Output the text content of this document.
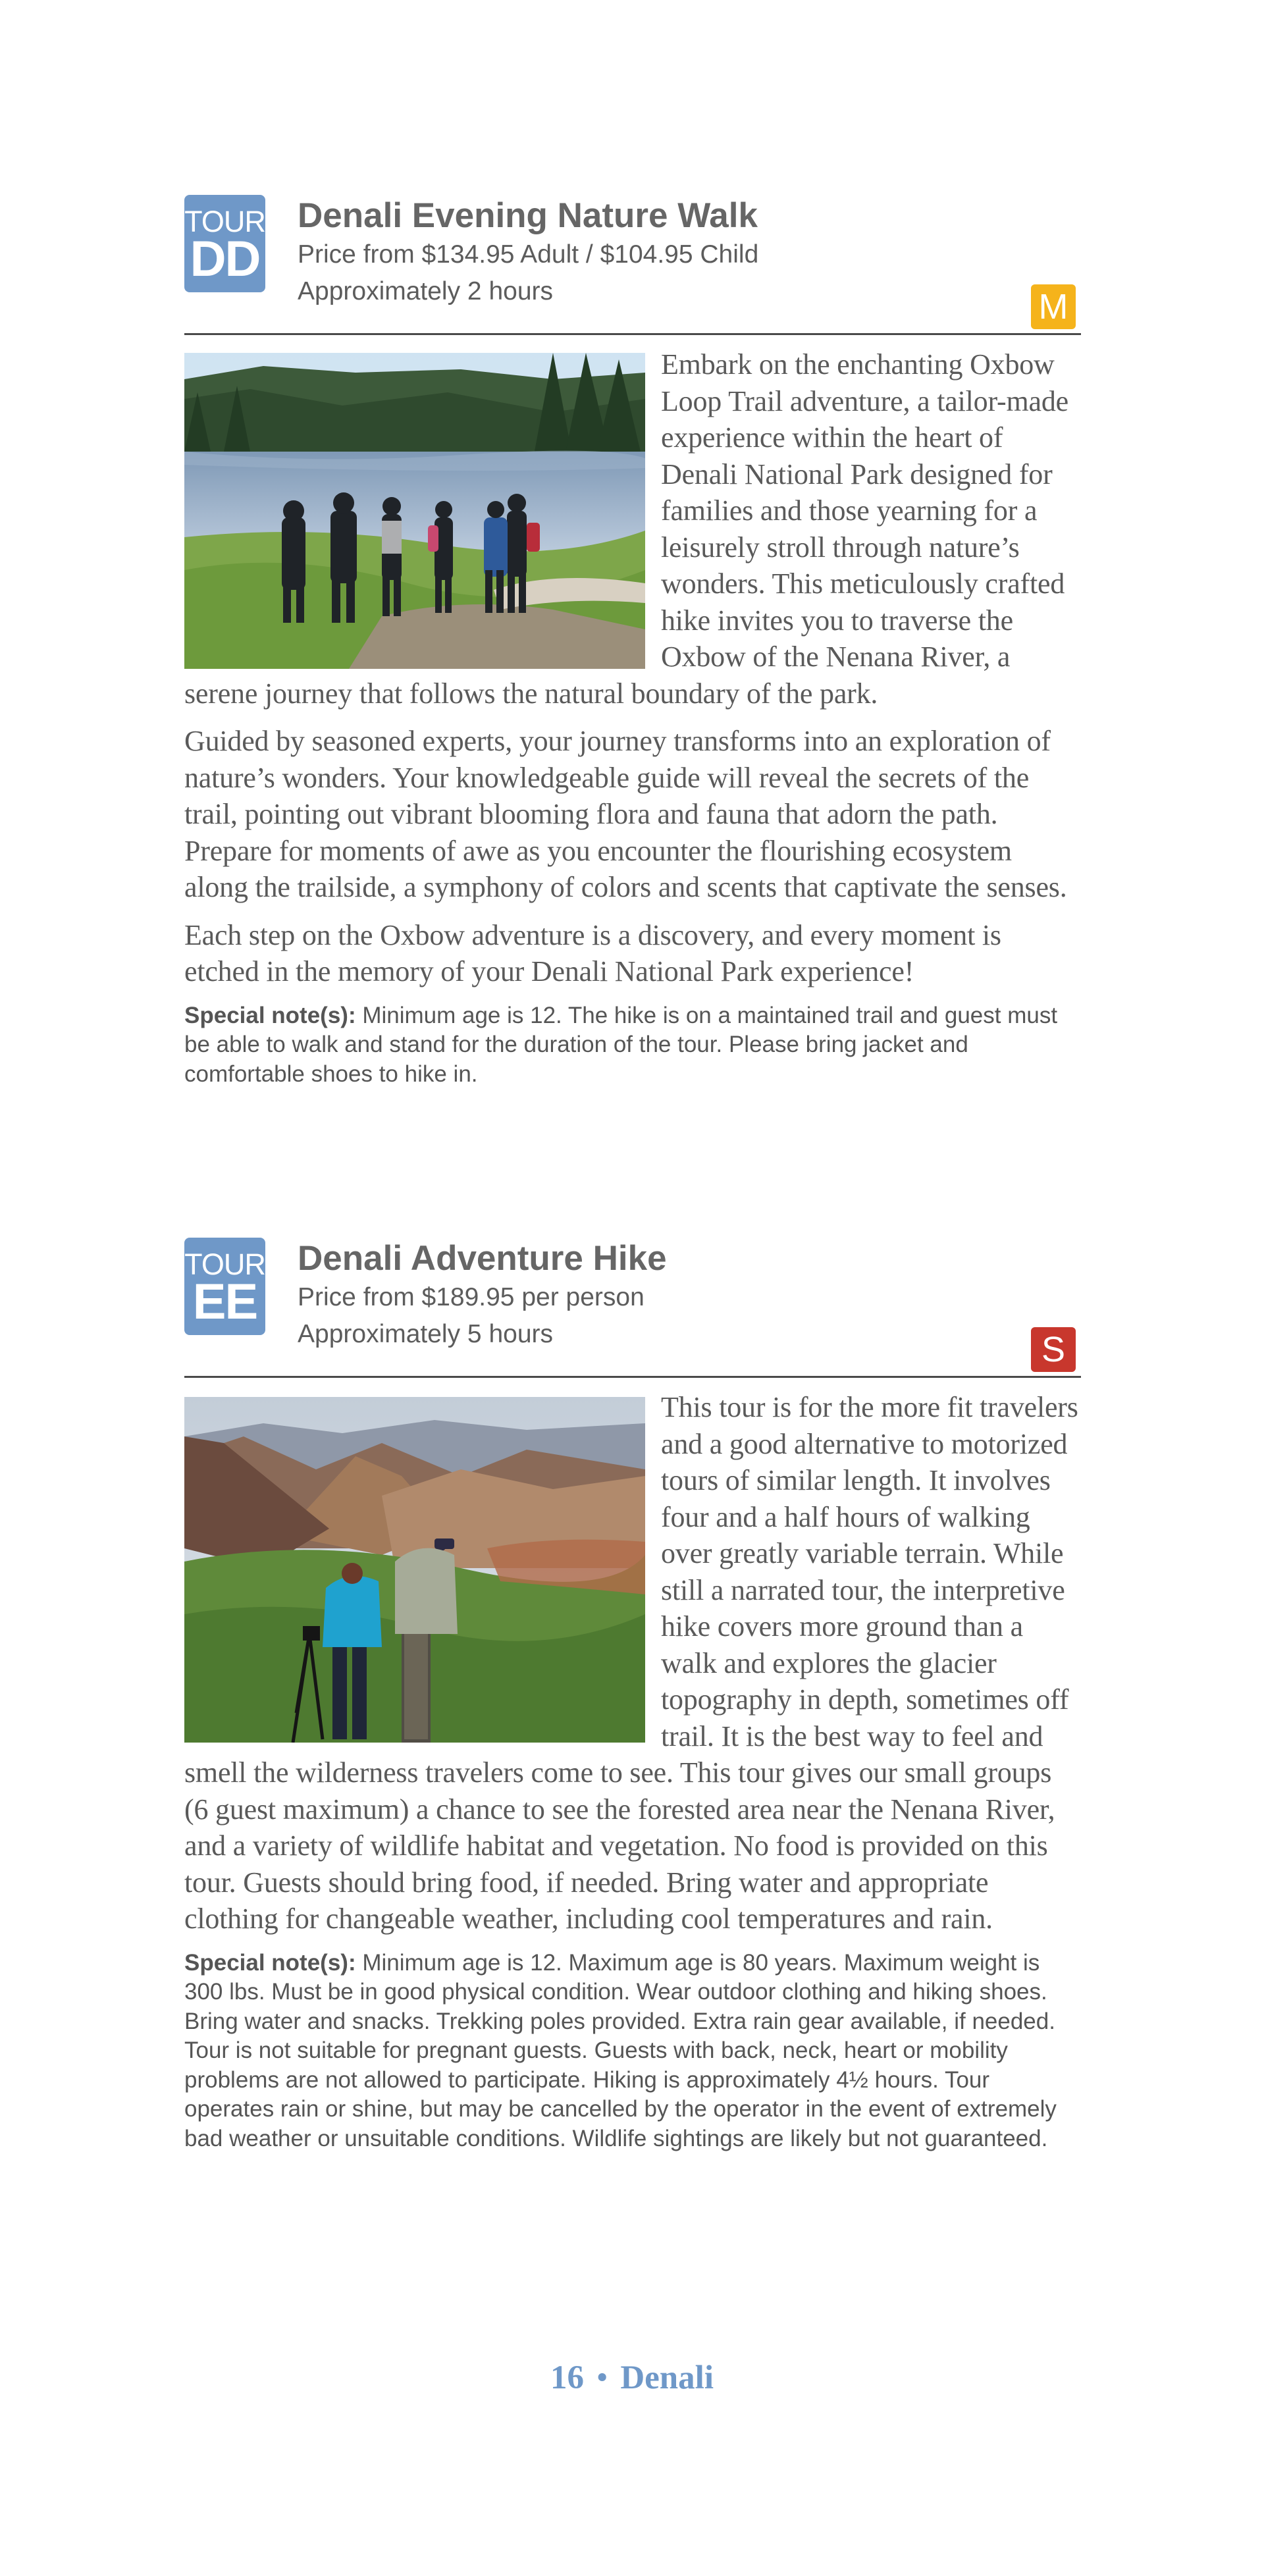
TOUR
DD
Denali Evening Nature Walk
Price from $134.95 Adult / $104.95 Child
Approximately 2 hours	M

Embark on the enchanting Oxbow Loop Trail adventure, a tailor-made experience within the heart of Denali National Park designed for families and those yearning for a leisurely stroll through nature’s wonders. This meticulously crafted hike invites you to traverse the Oxbow of the Nenana River, a serene journey that follows the natural boundary of the park.

Guided by seasoned experts, your journey transforms into an exploration of nature’s wonders. Your knowledgeable guide will reveal the secrets of the trail, pointing out vibrant blooming flora and fauna that adorn the path. Prepare for moments of awe as you encounter the flourishing ecosystem along the trailside, a symphony of colors and scents that captivate the senses.

Each step on the Oxbow adventure is a discovery, and every moment is etched in the memory of your Denali National Park experience!

Special note(s): Minimum age is 12. The hike is on a maintained trail and guest must be able to walk and stand for the duration of the tour. Please bring jacket and comfortable shoes to hike in.

TOUR
EE
Denali Adventure Hike
Price from $189.95 per person
Approximately 5 hours	S

This tour is for the more fit travelers and a good alternative to motorized tours of similar length. It involves four and a half hours of walking over greatly variable terrain. While still a narrated tour, the interpretive hike covers more ground than a walk and explores the glacier topography in depth, sometimes off trail. It is the best way to feel and smell the wilderness travelers come to see. This tour gives our small groups (6 guest maximum) a chance to see the forested area near the Nenana River, and a variety of wildlife habitat and vegetation. No food is provided on this tour. Guests should bring food, if needed. Bring water and appropriate clothing for changeable weather, including cool temperatures and rain.

Special note(s): Minimum age is 12. Maximum age is 80 years. Maximum weight is 300 lbs. Must be in good physical condition. Wear outdoor clothing and hiking shoes. Bring water and snacks. Trekking poles provided. Extra rain gear available, if needed. Tour is not suitable for pregnant guests. Guests with back, neck, heart or mobility problems are not allowed to participate. Hiking is approximately 4½ hours. Tour operates rain or shine, but may be cancelled by the operator in the event of extremely bad weather or unsuitable conditions. Wildlife sightings are likely but not guaranteed.

16 • Denali
